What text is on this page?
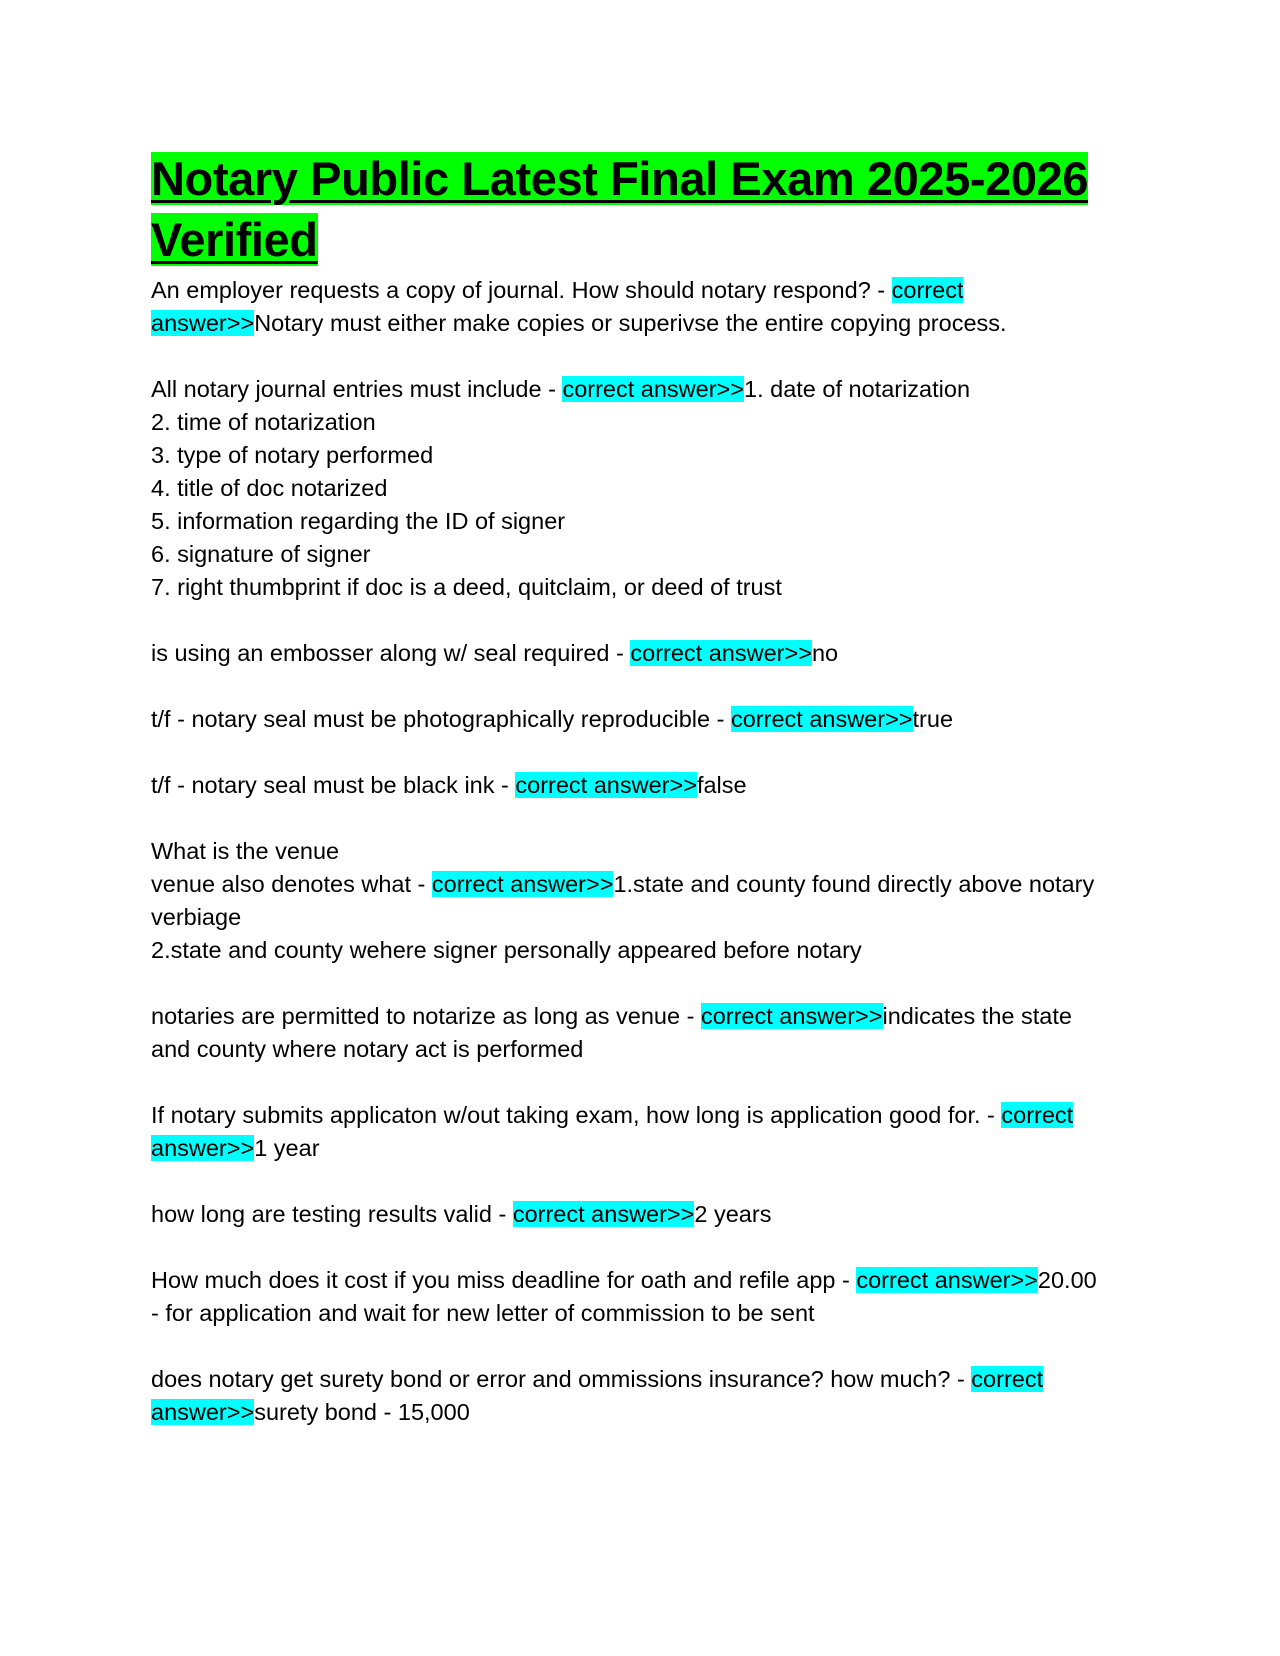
Notary Public Latest Final Exam 2025-2026 Verified

An employer requests a copy of journal. How should notary respond? - correct answer>>Notary must either make copies or superivse the entire copying process.

All notary journal entries must include - correct answer>>1. date of notarization
2. time of notarization
3. type of notary performed
4. title of doc notarized
5. information regarding the ID of signer
6. signature of signer
7. right thumbprint if doc is a deed, quitclaim, or deed of trust

is using an embosser along w/ seal required - correct answer>>no

t/f - notary seal must be photographically reproducible - correct answer>>true

t/f - notary seal must be black ink - correct answer>>false

What is the venue
venue also denotes what - correct answer>>1.state and county found directly above notary verbiage
2.state and county wehere signer personally appeared before notary

notaries are permitted to notarize as long as venue - correct answer>>indicates the state and county where notary act is performed

If notary submits applicaton w/out taking exam, how long is application good for. - correct answer>>1 year

how long are testing results valid - correct answer>>2 years

How much does it cost if you miss deadline for oath and refile app - correct answer>>20.00 - for application and wait for new letter of commission to be sent

does notary get surety bond or error and ommissions insurance? how much? - correct answer>>surety bond - 15,000
